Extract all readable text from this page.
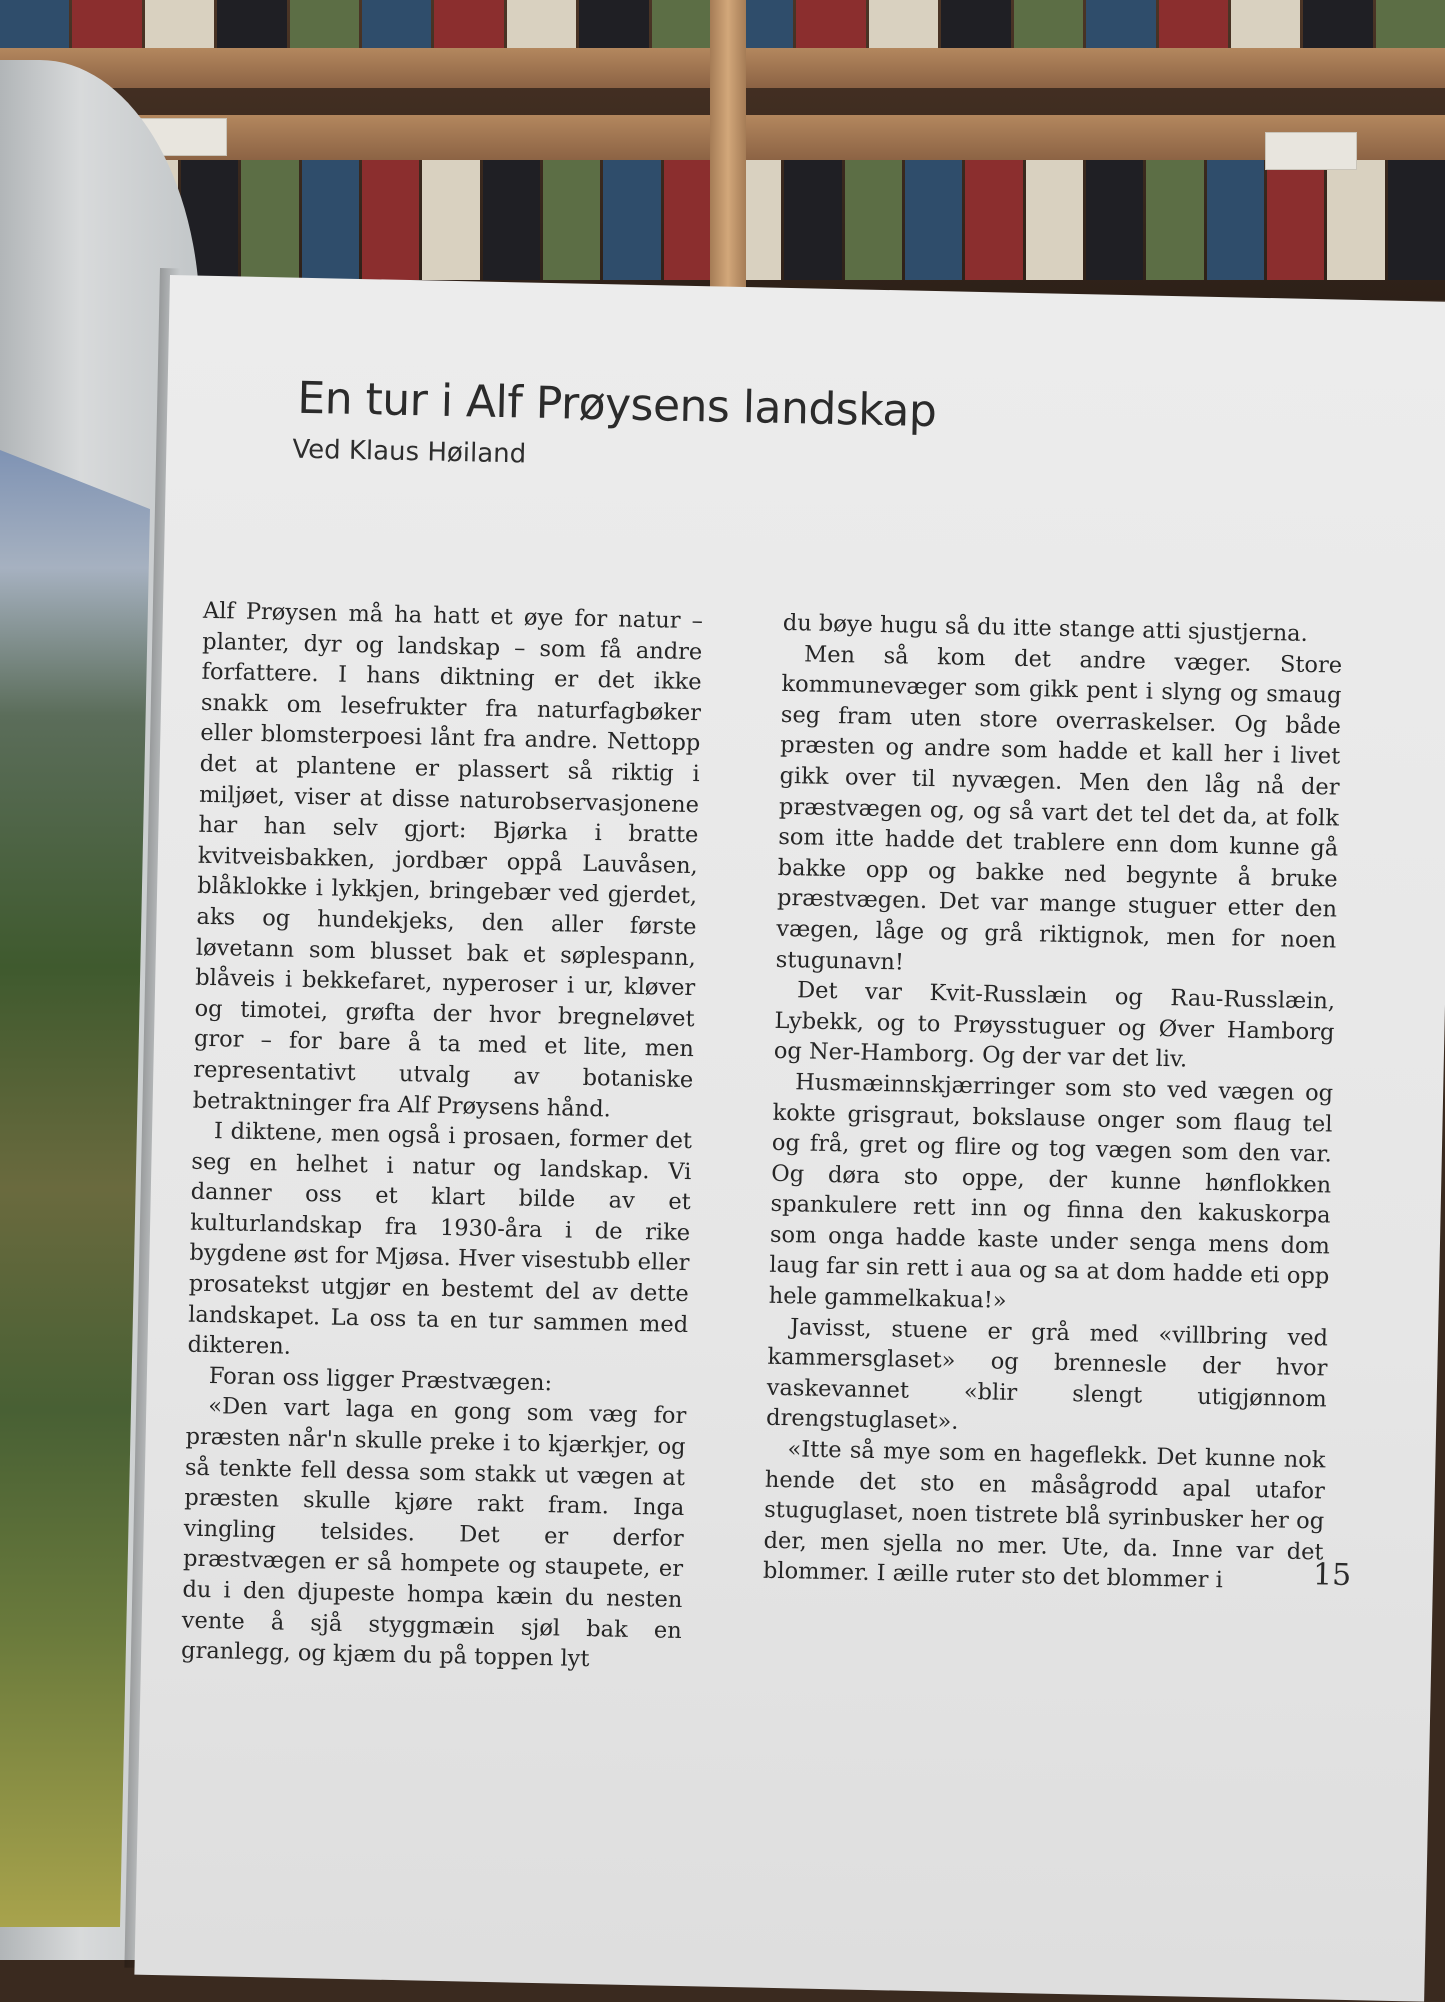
En tur i Alf Prøysens landskap
Ved Klaus Høiland

Alf Prøysen må ha hatt et øye for natur – planter, dyr og landskap – som få andre forfattere. I hans diktning er det ikke snakk om lesefrukter fra naturfagbøker eller blomsterpoesi lånt fra andre. Nettopp det at plantene er plassert så riktig i miljøet, viser at disse naturobservasjonene har han selv gjort: Bjørka i bratte kvitveisbakken, jordbær oppå Lauvåsen, blåklokke i lykkjen, bringebær ved gjerdet, aks og hundekjeks, den aller første løvetann som blusset bak et søplespann, blåveis i bekkefaret, nyperoser i ur, kløver og timotei, grøfta der hvor bregneløvet gror – for bare å ta med et lite, men representativt utvalg av botaniske betraktninger fra Alf Prøysens hånd.

I diktene, men også i prosaen, former det seg en helhet i natur og landskap. Vi danner oss et klart bilde av et kulturlandskap fra 1930-åra i de rike bygdene øst for Mjøsa. Hver visestubb eller prosatekst utgjør en bestemt del av dette landskapet. La oss ta en tur sammen med dikteren.

Foran oss ligger Præstvægen:

«Den vart laga en gong som væg for præsten når'n skulle preke i to kjærkjer, og så tenkte fell dessa som stakk ut vægen at præsten skulle kjøre rakt fram. Inga vingling telsides. Det er derfor præstvægen er så hompete og staupete, er du i den djupeste hompa kæin du nesten vente å sjå styggmæin sjøl bak en granlegg, og kjæm du på toppen lyt

du bøye hugu så du itte stange atti sjustjerna.

Men så kom det andre væger. Store kommunevæger som gikk pent i slyng og smaug seg fram uten store overraskelser. Og både præsten og andre som hadde et kall her i livet gikk over til nyvægen. Men den låg nå der præstvægen og, og så vart det tel det da, at folk som itte hadde det trablere enn dom kunne gå bakke opp og bakke ned begynte å bruke præstvægen. Det var mange stuguer etter den vægen, låge og grå riktignok, men for noen stugunavn!

Det var Kvit-Russlæin og Rau-Russlæin, Lybekk, og to Prøysstuguer og Øver Hamborg og Ner-Hamborg. Og der var det liv.

Husmæinnskjærringer som sto ved vægen og kokte grisgraut, bokslause onger som flaug tel og frå, gret og flire og tog vægen som den var. Og døra sto oppe, der kunne hønflokken spankulere rett inn og finna den kakuskorpa som onga hadde kaste under senga mens dom laug far sin rett i aua og sa at dom hadde eti opp hele gammelkakua!»

Javisst, stuene er grå med «villbring ved kammersglaset» og brennesle der hvor vaskevannet «blir slengt utigjønnom drengstuglaset».

«Itte så mye som en hageflekk. Det kunne nok hende det sto en måsågrodd apal utafor stuguglaset, noen tistrete blå syrinbusker her og der, men sjella no mer. Ute, da. Inne var det blommer. I æille ruter sto det blommer i	15
